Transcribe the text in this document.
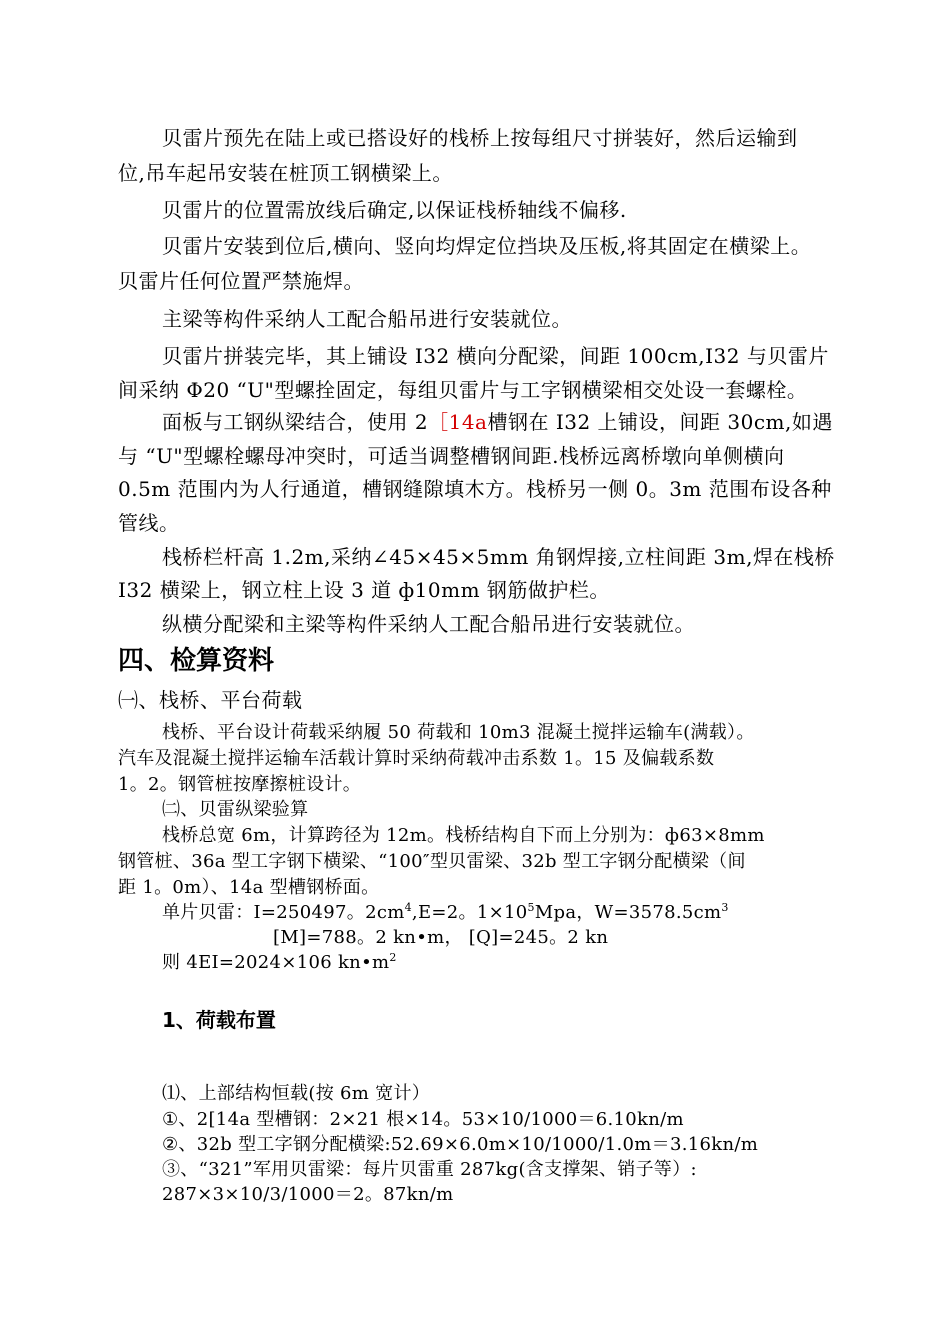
贝雷片预先在陆上或已搭设好的栈桥上按每组尺寸拼装好，然后运输到
位,吊车起吊安装在桩顶工钢横梁上。
贝雷片的位置需放线后确定,以保证栈桥轴线不偏移.
贝雷片安装到位后,横向、竖向均焊定位挡块及压板,将其固定在横梁上。
贝雷片任何位置严禁施焊。
主梁等构件采纳人工配合船吊进行安装就位。
贝雷片拼装完毕，其上铺设 I32 横向分配梁，间距 100cm,I32 与贝雷片
间采纳 Φ20 “U"型螺拴固定，每组贝雷片与工字钢横梁相交处设一套螺栓。
面板与工钢纵梁结合，使用 2［14a槽钢在 I32 上铺设，间距 30cm,如遇
与 “U"型螺栓螺母冲突时，可适当调整槽钢间距.栈桥远离桥墩向单侧横向
0.5m 范围内为人行通道，槽钢缝隙填木方。栈桥另一侧 0。3m 范围布设各种
管线。
栈桥栏杆高 1.2m,采纳∠45×45×5mm 角钢焊接,立柱间距 3m,焊在栈桥
I32 横梁上，钢立柱上设 3 道 ф10mm 钢筋做护栏。
纵横分配梁和主梁等构件采纳人工配合船吊进行安装就位。
四、检算资料
㈠、栈桥、平台荷载
栈桥、平台设计荷载采纳履 50 荷载和 10m3 混凝土搅拌运输车(满载）。
汽车及混凝土搅拌运输车活载计算时采纳荷载冲击系数 1。15 及偏载系数
1。2。钢管桩按摩擦桩设计。
㈡、贝雷纵梁验算
栈桥总宽 6m，计算跨径为 12m。栈桥结构自下而上分别为：ф63×8mm
钢管桩、36a 型工字钢下横梁、“100″型贝雷梁、32b 型工字钢分配横梁（间
距 1。0m）、14a 型槽钢桥面。
单片贝雷：I=250497。$2cm^4,E=2$。$1\times 10^5Mpa$，$W=3578.5cm^3$
[M]=788。2 kn•m， [Q]=245。2 kn
则 4EI=2024×106 $kn•m^2$
1、荷载布置
⑴、上部结构恒载(按 6m 宽计）
①、2[14a 型槽钢：2×21 根×14。53×10/1000＝6.10kn/m
②、32b 型工字钢分配横梁:52.69×6.0m×10/1000/1.0m＝3.16kn/m
③、“321”军用贝雷梁：每片贝雷重 287kg(含支撑架、销子等）:
287×3×10/3/1000＝2。87kn/m
